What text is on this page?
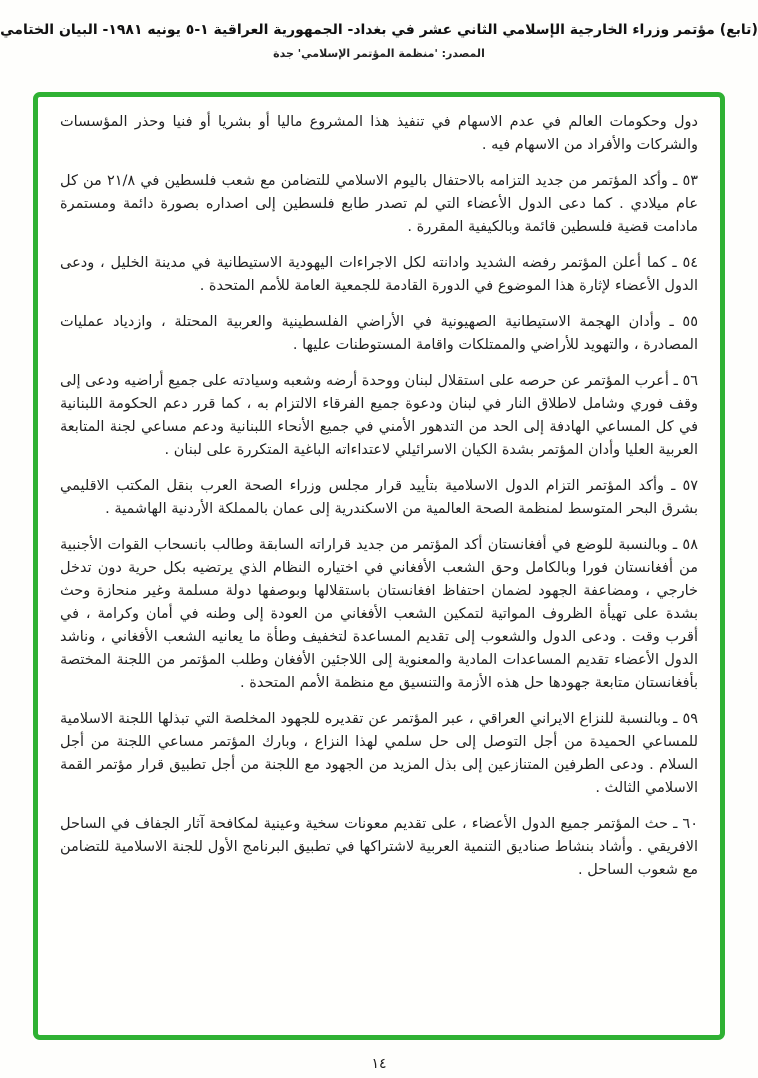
(تابع) مؤتمر وزراء الخارجية الإسلامي الثاني عشر في بغداد- الجمهورية العراقية ١-٥ يونيه ١٩٨١- البيان الختامي
المصدر: 'منظمة المؤتمر الإسلامي' جدة

دول وحكومات العالم في عدم الاسهام في تنفيذ هذا المشروع ماليا أو بشريا أو فنيا وحذر المؤسسات والشركات والأفراد من الاسهام فيه .

٥٣ ـ وأكد المؤتمر من جديد التزامه بالاحتفال باليوم الاسلامي للتضامن مع شعب فلسطين في ٢١/٨ من كل عام ميلادي . كما دعى الدول الأعضاء التي لم تصدر طابع فلسطين إلى اصداره بصورة دائمة ومستمرة مادامت قضية فلسطين قائمة وبالكيفية المقررة .

٥٤ ـ كما أعلن المؤتمر رفضه الشديد وادانته لكل الاجراءات اليهودية الاستيطانية في مدينة الخليل ، ودعى الدول الأعضاء لإثارة هذا الموضوع في الدورة القادمة للجمعية العامة للأمم المتحدة .

٥٥ ـ وأدان الهجمة الاستيطانية الصهيونية في الأراضي الفلسطينية والعربية المحتلة ، وازدياد عمليات المصادرة ، والتهويد للأراضي والممتلكات واقامة المستوطنات عليها .

٥٦ ـ أعرب المؤتمر عن حرصه على استقلال لبنان ووحدة أرضه وشعبه وسيادته على جميع أراضيه ودعى إلى وقف فوري وشامل لاطلاق النار في لبنان ودعوة جميع الفرقاء الالتزام به ، كما قرر دعم الحكومة اللبنانية في كل المساعي الهادفة إلى الحد من التدهور الأمني في جميع الأنحاء اللبنانية ودعم مساعي لجنة المتابعة العربية العليا وأدان المؤتمر بشدة الكيان الاسرائيلي لاعتداءاته الباغية المتكررة على لبنان .

٥٧ ـ وأكد المؤتمر التزام الدول الاسلامية بتأييد قرار مجلس وزراء الصحة العرب بنقل المكتب الاقليمي بشرق البحر المتوسط لمنظمة الصحة العالمية من الاسكندرية إلى عمان بالمملكة الأردنية الهاشمية .

٥٨ ـ وبالنسبة للوضع في أفغانستان أكد المؤتمر من جديد قراراته السابقة وطالب بانسحاب القوات الأجنبية من أفغانستان فورا وبالكامل وحق الشعب الأفغاني في اختياره النظام الذي يرتضيه بكل حرية دون تدخل خارجي ، ومضاعفة الجهود لضمان احتفاظ افغانستان باستقلالها وبوصفها دولة مسلمة وغير منحازة وحث بشدة على تهيأة الظروف المواتية لتمكين الشعب الأفغاني من العودة إلى وطنه في أمان وكرامة ، في أقرب وقت . ودعى الدول والشعوب إلى تقديم المساعدة لتخفيف وطأة ما يعانيه الشعب الأفغاني ، وناشد الدول الأعضاء تقديم المساعدات المادية والمعنوية إلى اللاجئين الأفغان وطلب المؤتمر من اللجنة المختصة بأفغانستان متابعة جهودها حل هذه الأزمة والتنسيق مع منظمة الأمم المتحدة .

٥٩ ـ وبالنسبة للنزاع الايراني العراقي ، عبر المؤتمر عن تقديره للجهود المخلصة التي تبذلها اللجنة الاسلامية للمساعي الحميدة من أجل التوصل إلى حل سلمي لهذا النزاع ، وبارك المؤتمر مساعي اللجنة من أجل السلام . ودعى الطرفين المتنازعين إلى بذل المزيد من الجهود مع اللجنة من أجل تطبيق قرار مؤتمر القمة الاسلامي الثالث .

٦٠ ـ حث المؤتمر جميع الدول الأعضاء ، على تقديم معونات سخية وعينية لمكافحة آثار الجفاف في الساحل الافريقي . وأشاد بنشاط صناديق التنمية العربية لاشتراكها في تطبيق البرنامج الأول للجنة الاسلامية للتضامن مع شعوب الساحل .

١٤
